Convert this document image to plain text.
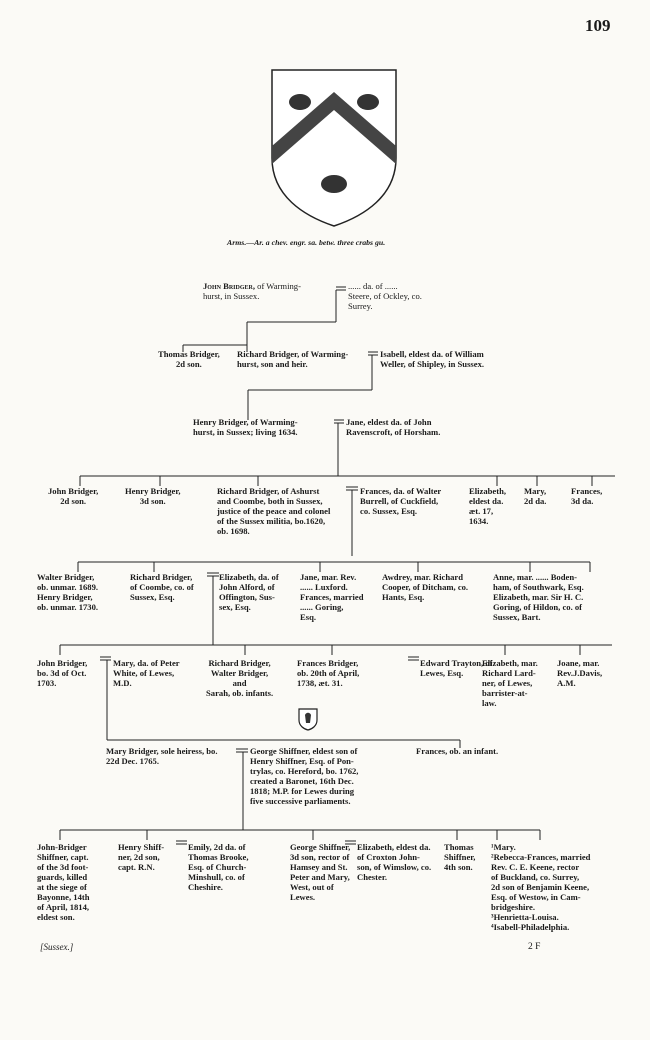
109
Arms.—Ar. a chev. engr. sa. betw. three crabs gu.
John Bridger, of Warming-
hurst, in Sussex.
...... da. of ......
Steere, of Ockley, co.
Surrey.
Thomas Bridger,
2d son.
Richard Bridger, of Warming-
hurst, son and heir.
Isabell, eldest da. of William
Weller, of Shipley, in Sussex.
Henry Bridger, of Warming-
hurst, in Sussex; living 1634.
Jane, eldest da. of John
Ravenscroft, of Horsham.
John Bridger,
2d son.
Henry Bridger,
3d son.
Richard Bridger, of Ashurst
and Coombe, both in Sussex,
justice of the peace and colonel
of the Sussex militia, bo.1620,
ob. 1698.
Frances, da. of Walter
Burrell, of Cuckfield,
co. Sussex, Esq.
Elizabeth,
eldest da.
æt. 17,
1634.
Mary,
2d da.
Frances,
3d da.
Walter Bridger,
ob. unmar. 1689.
Henry Bridger,
ob. unmar. 1730.
Richard Bridger,
of Coombe, co. of
Sussex, Esq.
Elizabeth, da. of
John Alford, of
Offington, Sus-
sex, Esq.
Jane, mar. Rev.
...... Luxford.
Frances, married
...... Goring,
Esq.
Awdrey, mar. Richard
Cooper, of Ditcham, co.
Hants, Esq.
Anne, mar. ...... Boden-
ham, of Southwark, Esq.
Elizabeth, mar. Sir H. C.
Goring, of Hildon, co. of
Sussex, Bart.
John Bridger,
bo. 3d of Oct.
1703.
Mary, da. of Peter
White, of Lewes,
M.D.
Richard Bridger,
Walter Bridger,
and
Sarah, ob. infants.
Frances Bridger,
ob. 20th of April,
1738, æt. 31.
Edward Trayton, of
Lewes, Esq.
Elizabeth, mar.
Richard Lard-
ner, of Lewes,
barrister-at-
law.
Joane, mar.
Rev.J.Davis,
A.M.
Mary Bridger, sole heiress, bo.
22d Dec. 1765.
George Shiffner, eldest son of
Henry Shiffner, Esq. of Pon-
trylas, co. Hereford, bo. 1762,
created a Baronet, 16th Dec.
1818; M.P. for Lewes during
five successive parliaments.
Frances, ob. an infant.
John-Bridger
Shiffner, capt.
of the 3d foot-
guards, killed
at the siege of
Bayonne, 14th
of April, 1814,
eldest son.
Henry Shiff-
ner, 2d son,
capt. R.N.
Emily, 2d da. of
Thomas Brooke,
Esq. of Church-
Minshull, co. of
Cheshire.
George Shiffner,
3d son, rector of
Hamsey and St.
Peter and Mary,
West, out of
Lewes.
Elizabeth, eldest da.
of Croxton John-
son, of Wimslow, co.
Chester.
Thomas
Shiffner,
4th son.
¹Mary.
²Rebecca-Frances, married
Rev. C. E. Keene, rector
of Buckland, co. Surrey,
2d son of Benjamin Keene,
Esq. of Westow, in Cam-
bridgeshire.
³Henrietta-Louisa.
⁴Isabell-Philadelphia.
[Sussex.]	2 F
